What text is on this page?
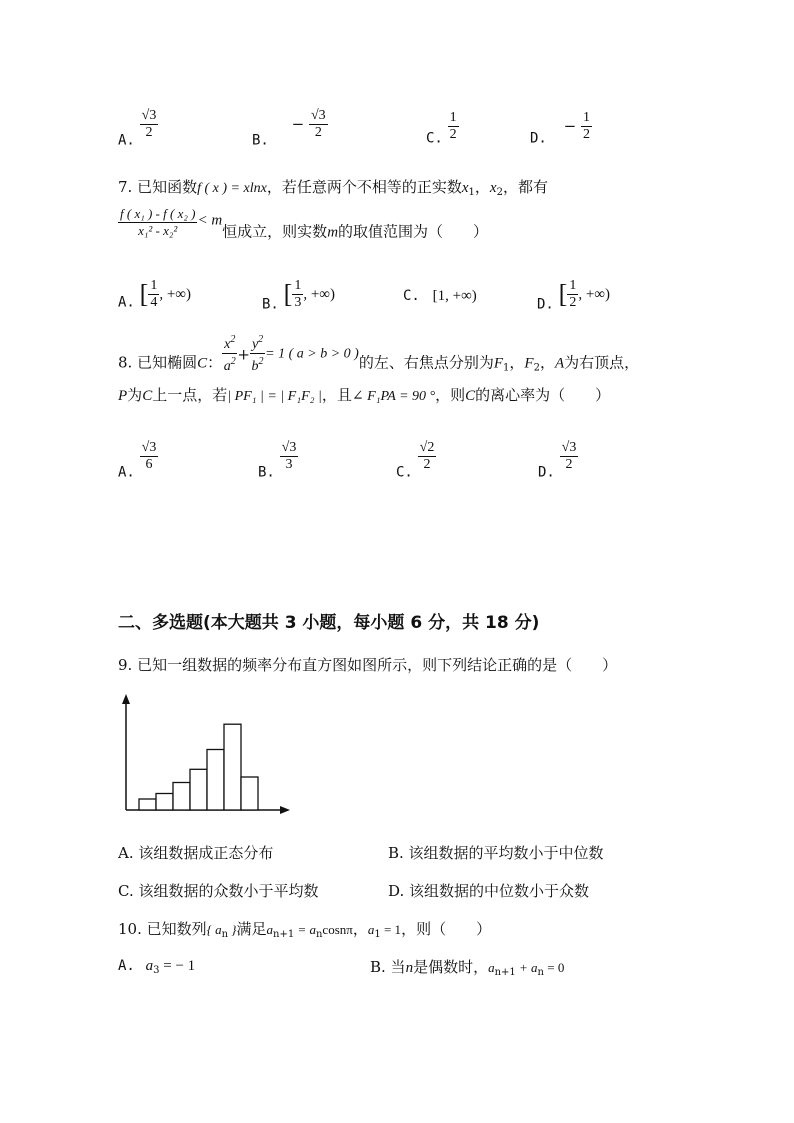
A. $\frac{√3}{2}$	B. − $\frac{√3}{2}$	C. $\frac{1}{2}$	D. − $\frac{1}{2}$
7. 已知函数f ( x ) = xlnx，若任意两个不相等的正实数$x_1$，$x_2$，都有
$\frac{\text{f ( x₁ ) - f ( x₂ )}}{\text{x₁² - x₂²}} < m$恒成立，则实数m的取值范围为（　　）
A. [ $\frac{1}{4}$ , +∞)
B. [ $\frac{1}{3}$ , +∞)	C. [1, +∞)
D. [ $\frac{1}{2}$ , +∞)
8. 已知椭圆C： $\frac{x^2}{a^2} + \frac{y^2}{b^2} = 1$ ( a > b > 0 )的左、右焦点分别为$F_1$，$F_2$，A为右顶点，
P为C上一点，若| PF₁ | = | F₁F₂ |，且∠ F₁PA = 90 °，则C的离心率为（　　）
A. $\frac{√3}{6}$	B. $\frac{√3}{3}$	C. $\frac{√2}{2}$	D. $\frac{√3}{2}$
二、多选题(本大题共 3 小题，每小题 6 分，共 18 分)
9. 已知一组数据的频率分布直方图如图所示，则下列结论正确的是（　　）
A. 该组数据成正态分布	B. 该组数据的平均数小于中位数
C. 该组数据的众数小于平均数	D. 该组数据的中位数小于众数
10. 已知数列{ $a_n$ }满足$a_{n+1} = a_n\cos n\pi$，$a_1 = 1$，则（　　）
A. $a_3$ = − 1	B. 当n是偶数时，$a_{n+1} + a_n = 0$
